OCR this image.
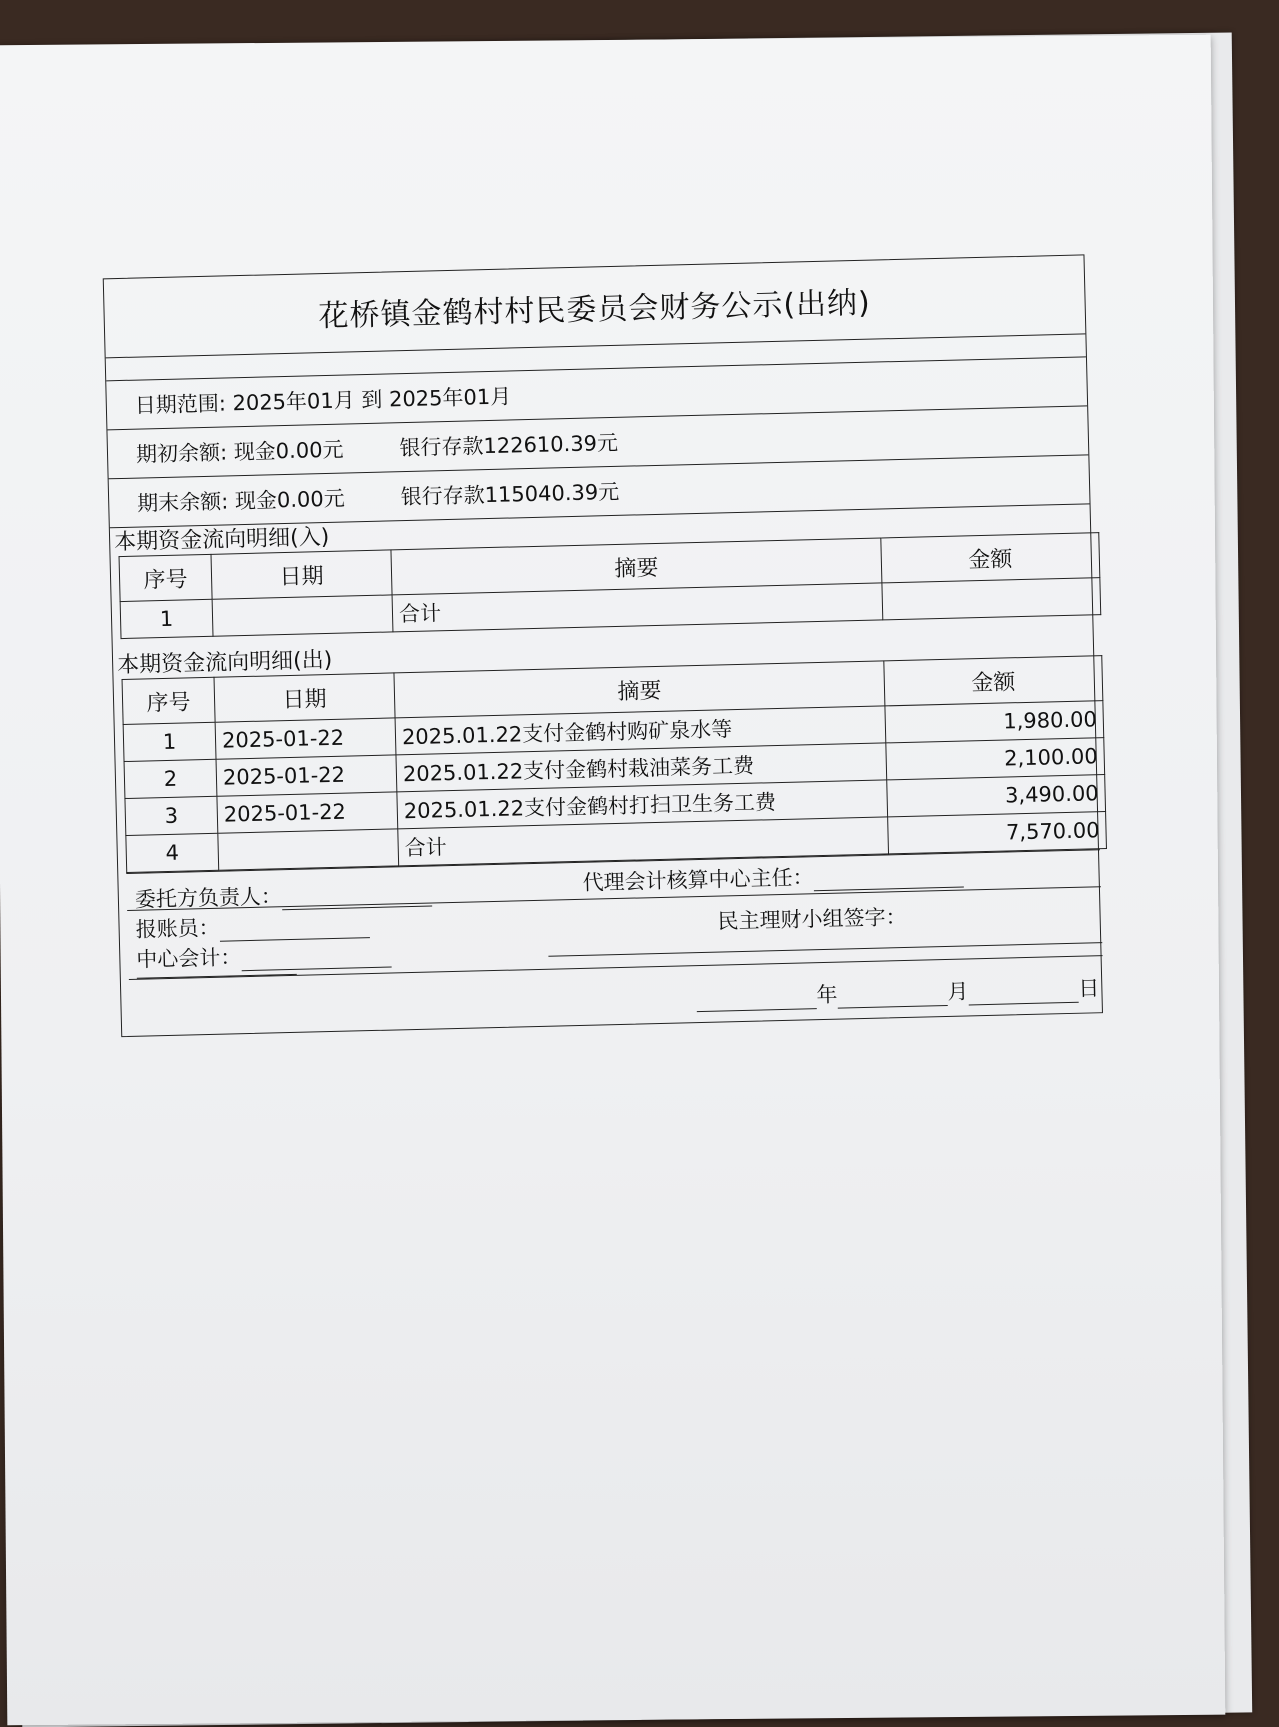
花桥镇金鹤村村民委员会财务公示(出纳)
日期范围: 2025年01月 到 2025年01月
期初余额: 现金0.00元	银行存款122610.39元
期末余额: 现金0.00元	银行存款115040.39元
本期资金流向明细(入)
序号	日期	摘要	金额
1		合计	
本期资金流向明细(出)
序号	日期	摘要	金额
1	2025-01-22	2025.01.22支付金鹤村购矿泉水等	1,980.00
2	2025-01-22	2025.01.22支付金鹤村栽油菜务工费	2,100.00
3	2025-01-22	2025.01.22支付金鹤村打扫卫生务工费	3,490.00
4		合计	7,570.00
委托方负责人：
代理会计核算中心主任：
报账员：	民主理财小组签字：
中心会计：
年	月	日
